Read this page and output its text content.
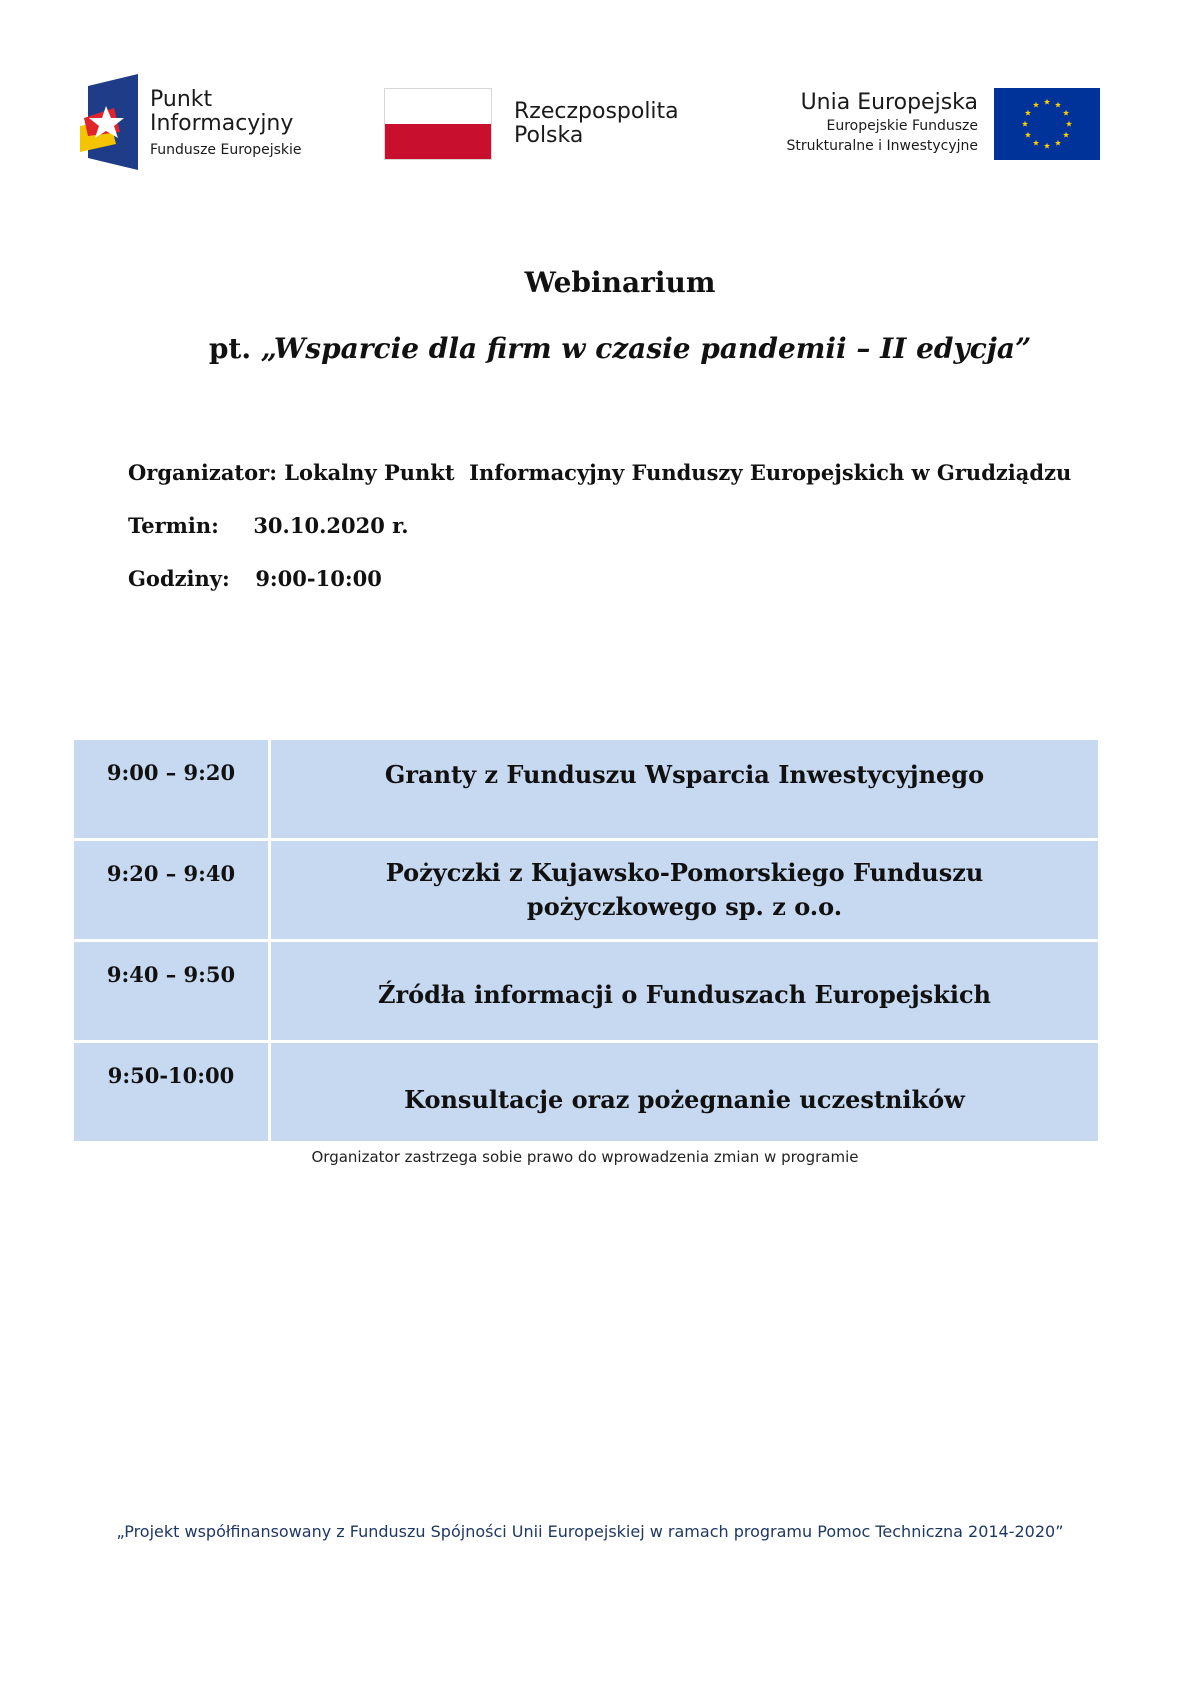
Punkt
Informacyjny
Fundusze Europejskie
Rzeczpospolita
Polska
Unia Europejska
Europejskie Fundusze
Strukturalne i Inwestycyjne
Webinarium
pt. „Wsparcie dla firm w czasie pandemii – II edycja”
Organizator: Lokalny Punkt  Informacyjny Funduszy Europejskich w Grudziądzu
Termin: 30.10.2020 r.
Godziny: 9:00-10:00
9:00 – 9:20	Granty z Funduszu Wsparcia Inwestycyjnego
9:20 – 9:40	Pożyczki z Kujawsko-Pomorskiego Funduszu pożyczkowego sp. z o.o.
9:40 – 9:50
Źródła informacji o Funduszach Europejskich
9:50-10:00
Konsultacje oraz pożegnanie uczestników
Organizator zastrzega sobie prawo do wprowadzenia zmian w programie
„Projekt współfinansowany z Funduszu Spójności Unii Europejskiej w ramach programu Pomoc Techniczna 2014-2020”
